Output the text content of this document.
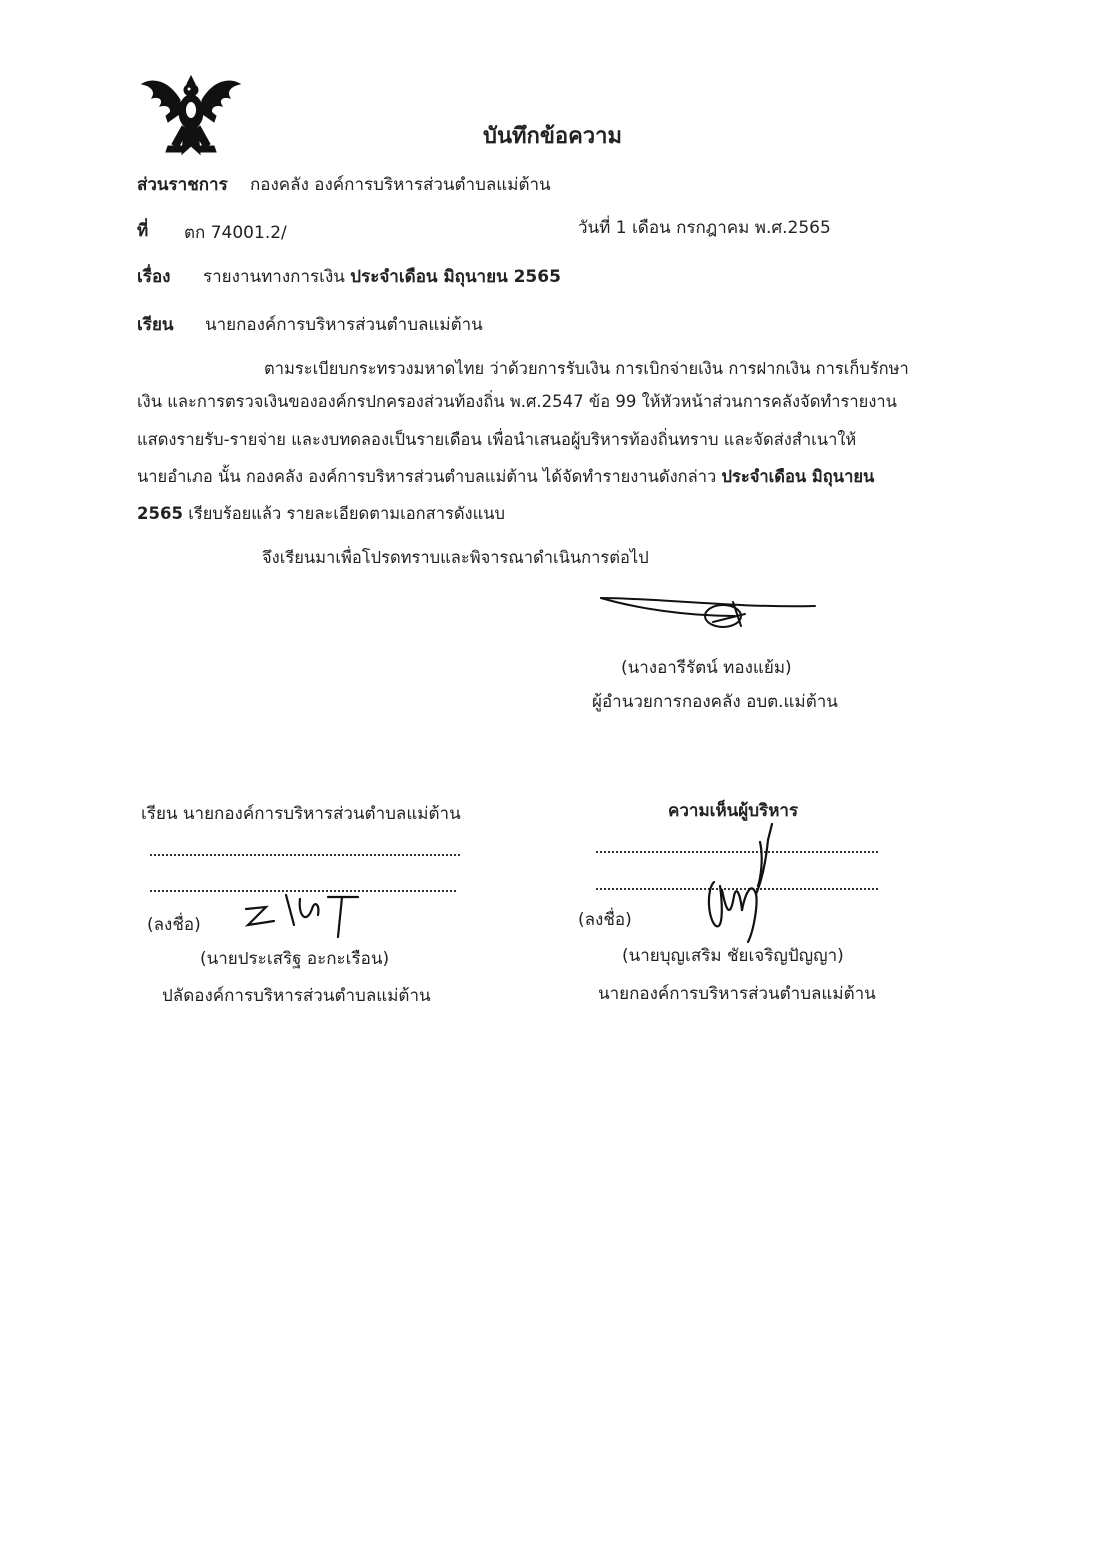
บันทึกข้อความ
ส่วนราชการ กองคลัง องค์การบริหารส่วนตำบลแม่ต้าน
ที่ ตก 74001.2/	วันที่ 1 เดือน กรกฎาคม พ.ศ.2565
เรื่อง รายงานทางการเงิน ประจำเดือน มิถุนายน 2565
เรียน นายกองค์การบริหารส่วนตำบลแม่ต้าน
ตามระเบียบกระทรวงมหาดไทย ว่าด้วยการรับเงิน การเบิกจ่ายเงิน การฝากเงิน การเก็บรักษา
เงิน และการตรวจเงินขององค์กรปกครองส่วนท้องถิ่น พ.ศ.2547 ข้อ 99 ให้หัวหน้าส่วนการคลังจัดทำรายงาน
แสดงรายรับ-รายจ่าย และงบทดลองเป็นรายเดือน เพื่อนำเสนอผู้บริหารท้องถิ่นทราบ และจัดส่งสำเนาให้
นายอำเภอ นั้น กองคลัง องค์การบริหารส่วนตำบลแม่ต้าน ได้จัดทำรายงานดังกล่าว ประจำเดือน มิถุนายน
2565 เรียบร้อยแล้ว รายละเอียดตามเอกสารดังแนบ
จึงเรียนมาเพื่อโปรดทราบและพิจารณาดำเนินการต่อไป
(นางอารีรัตน์ ทองแย้ม)
ผู้อำนวยการกองคลัง อบต.แม่ต้าน
เรียน นายกองค์การบริหารส่วนตำบลแม่ต้าน
(ลงชื่อ)
(นายประเสริฐ อะกะเรือน)
ปลัดองค์การบริหารส่วนตำบลแม่ต้าน
ความเห็นผู้บริหาร
(ลงชื่อ)
(นายบุญเสริม ชัยเจริญปัญญา)
นายกองค์การบริหารส่วนตำบลแม่ต้าน
